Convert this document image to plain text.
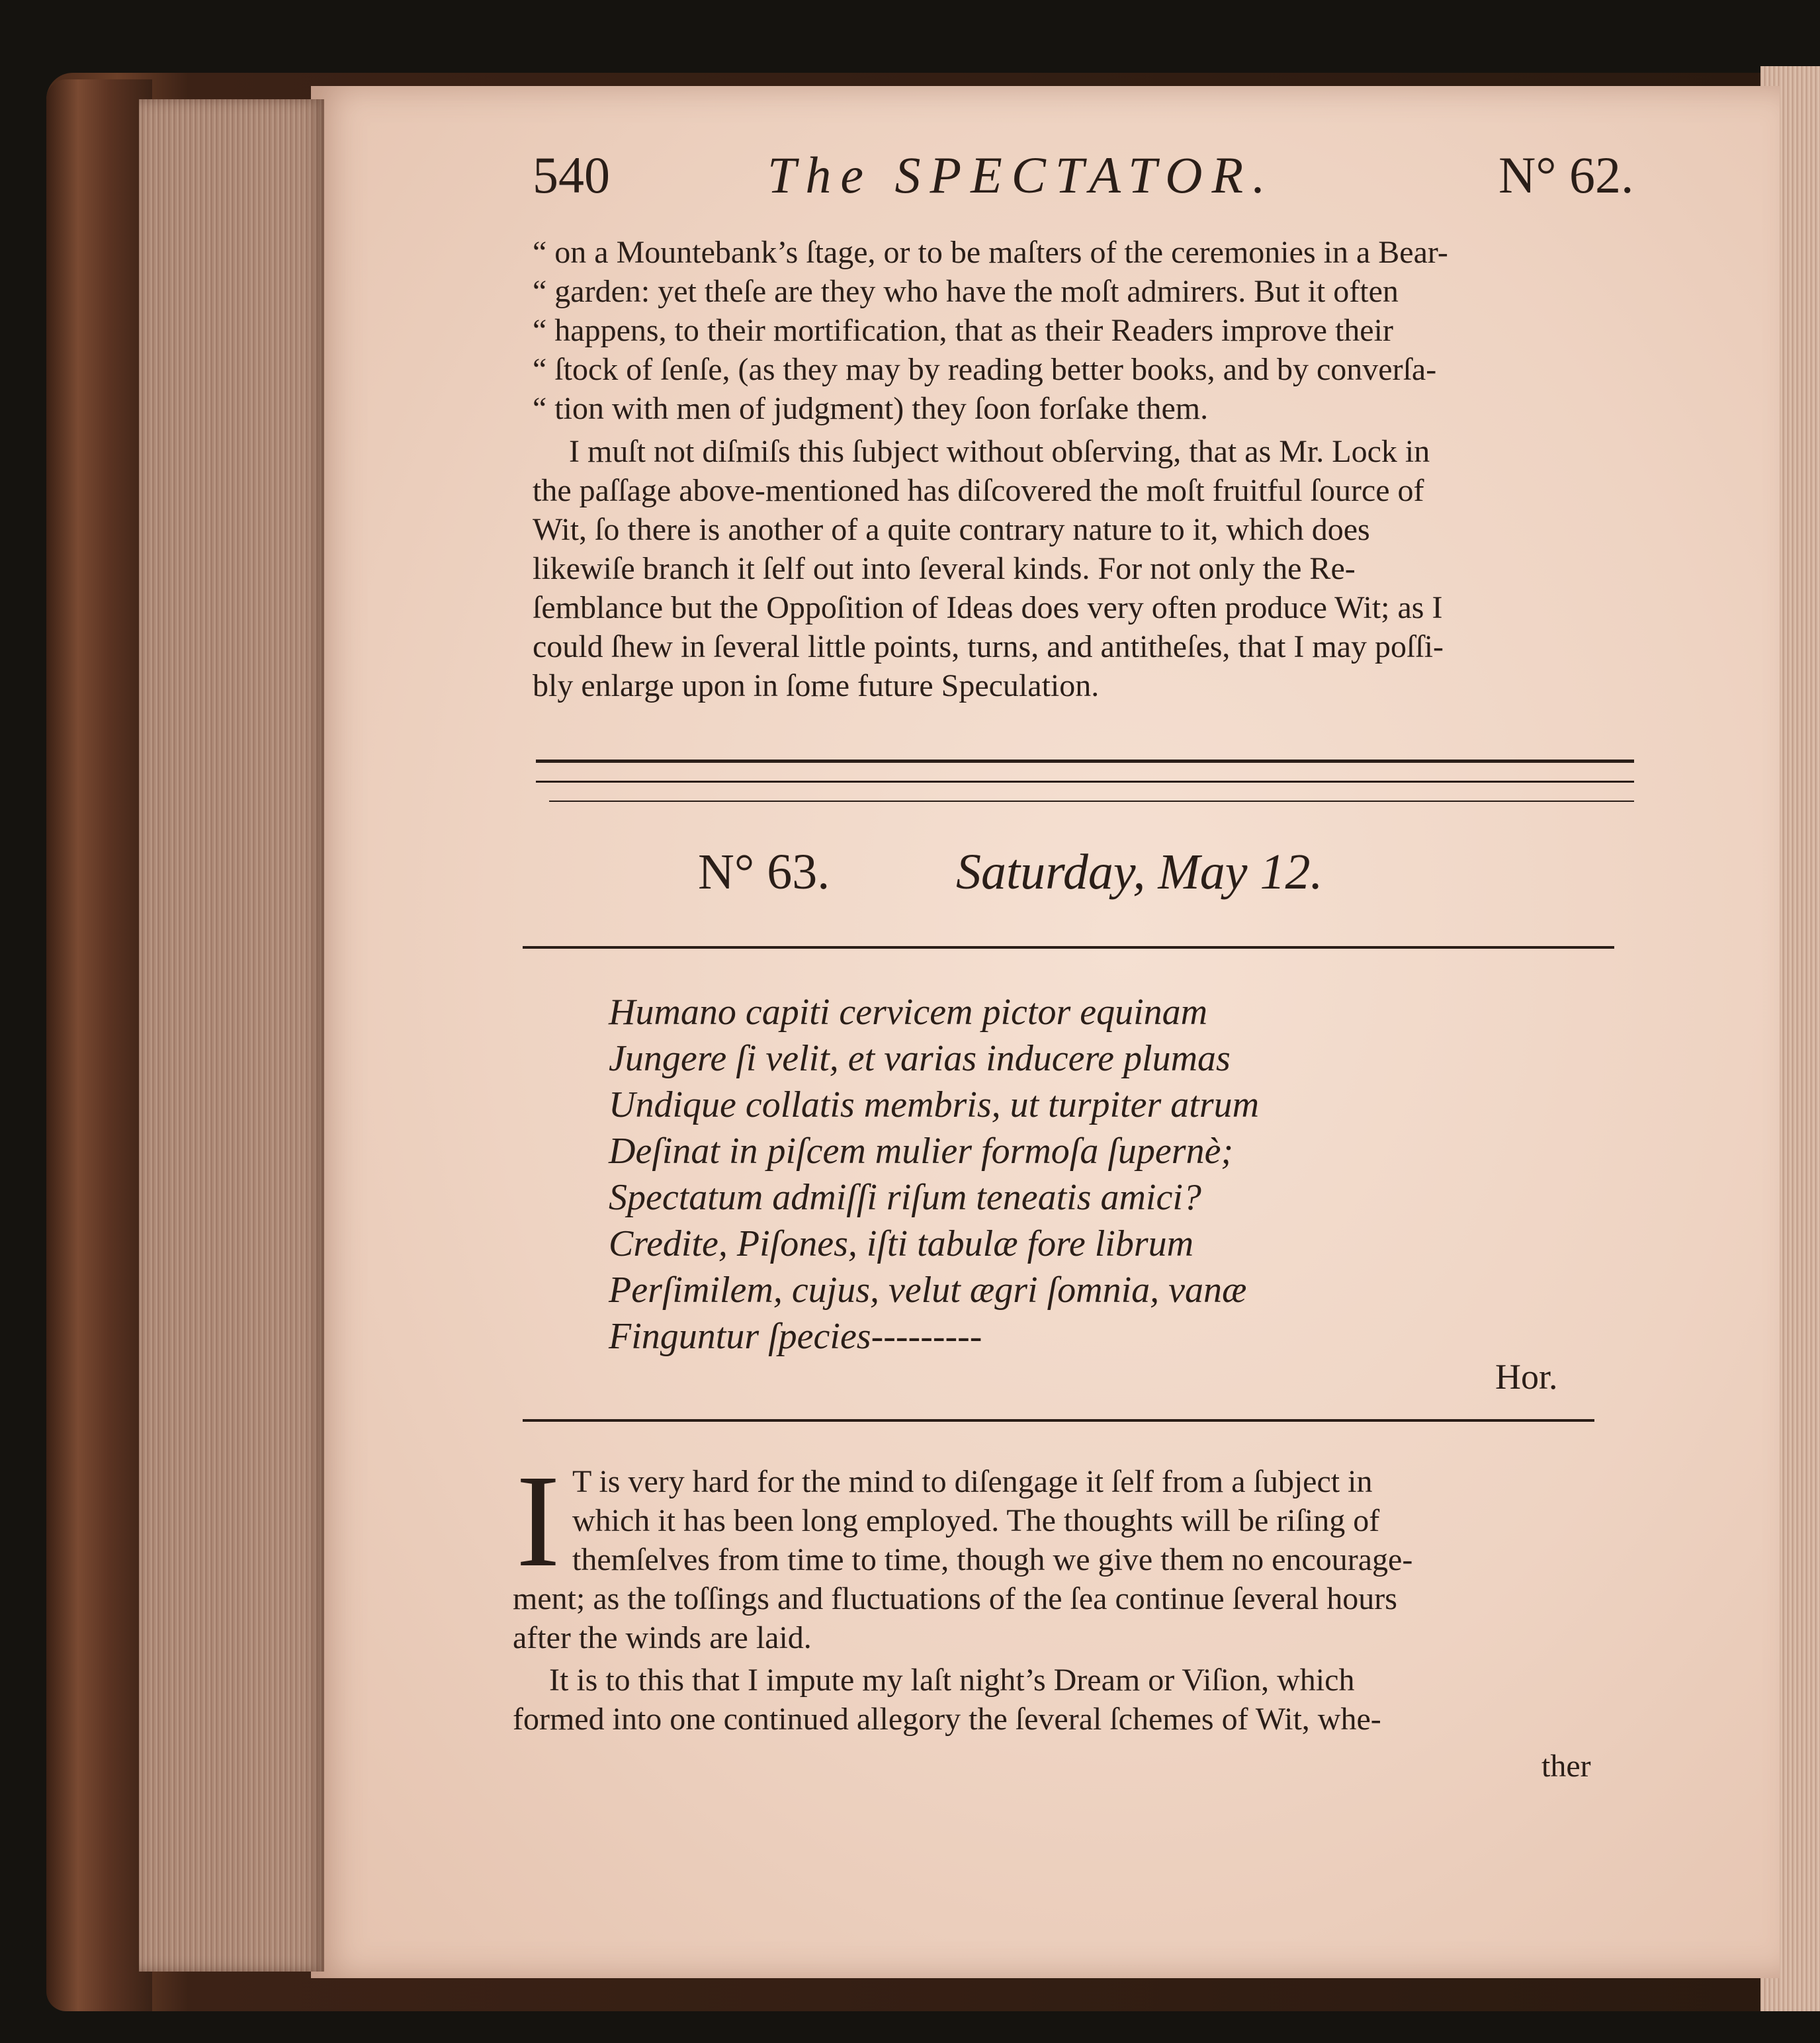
540	The SPECTATOR.	N° 62.
“ on a Mountebank’s ſtage, or to be maſters of the ceremonies in a Bear-
“ garden: yet theſe are they who have the moſt admirers. But it often
“ happens, to their mortification, that as their Readers improve their
“ ſtock of ſenſe, (as they may by reading better books, and by converſa-
“ tion with men of judgment) they ſoon forſake them.
I muſt not diſmiſs this ſubject without obſerving, that as Mr. Lock in
the paſſage above-mentioned has diſcovered the moſt fruitful ſource of
Wit, ſo there is another of a quite contrary nature to it, which does
likewiſe branch it ſelf out into ſeveral kinds. For not only the Re-
ſemblance but the Oppoſition of Ideas does very often produce Wit; as I
could ſhew in ſeveral little points, turns, and antitheſes, that I may poſſi-
bly enlarge upon in ſome future Speculation.
N° 63.	Saturday, May 12.
Humano capiti cervicem pictor equinam
Jungere ſi velit, et varias inducere plumas
Undique collatis membris, ut turpiter atrum
Deſinat in piſcem mulier formoſa ſupernè;
Spectatum admiſſi riſum teneatis amici?
Credite, Piſones, iſti tabulæ fore librum
Perſimilem, cujus, velut ægri ſomnia, vanæ
Finguntur ſpecies---------
Hor.
I T is very hard for the mind to diſengage it ſelf from a ſubject in
which it has been long employed. The thoughts will be riſing of
themſelves from time to time, though we give them no encourage-
ment; as the toſſings and fluctuations of the ſea continue ſeveral hours
after the winds are laid.
It is to this that I impute my laſt night’s Dream or Viſion, which
formed into one continued allegory the ſeveral ſchemes of Wit, whe-
ther
